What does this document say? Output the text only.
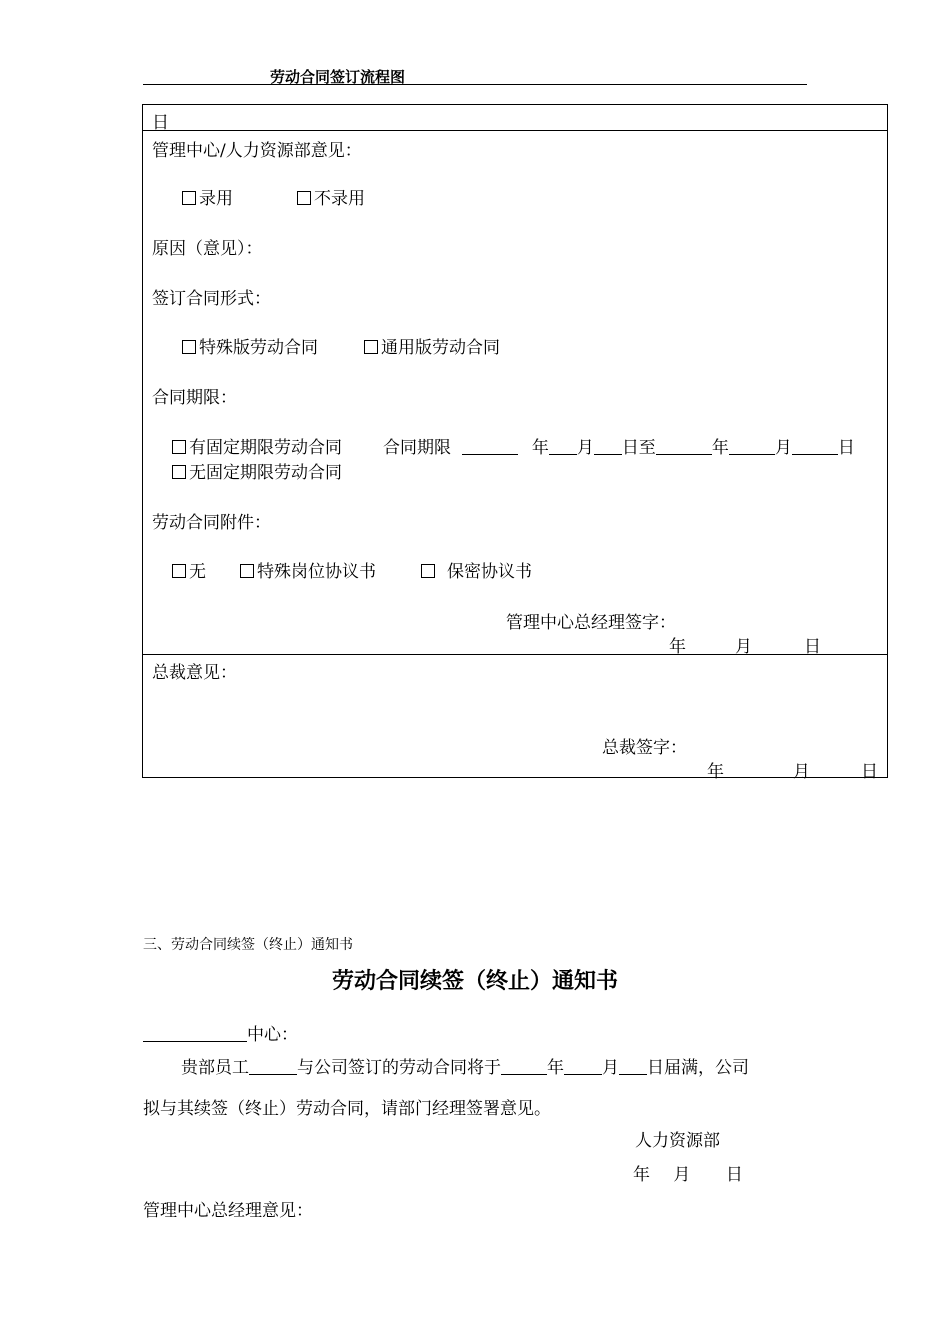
劳动合同签订流程图
日
管理中心/人力资源部意见：
录用	不录用
原因（意见）：
签订合同形式：
特殊版劳动合同	通用版劳动合同
合同期限：
有固定期限劳动合同 合同期限	年 月 日至	年	月	日
无固定期限劳动合同
劳动合同附件：
无	特殊岗位协议书	保密协议书
管理中心总经理签字：
年	月	日
总裁意见：
总裁签字：
年	月	日
三、劳动合同续签（终止）通知书
劳动合同续签（终止）通知书
中心：
贵部员工	与公司签订的劳动合同将于	年 月 日届满，公司
拟与其续签（终止）劳动合同，请部门经理签署意见。
人力资源部
年 月 日
管理中心总经理意见：
